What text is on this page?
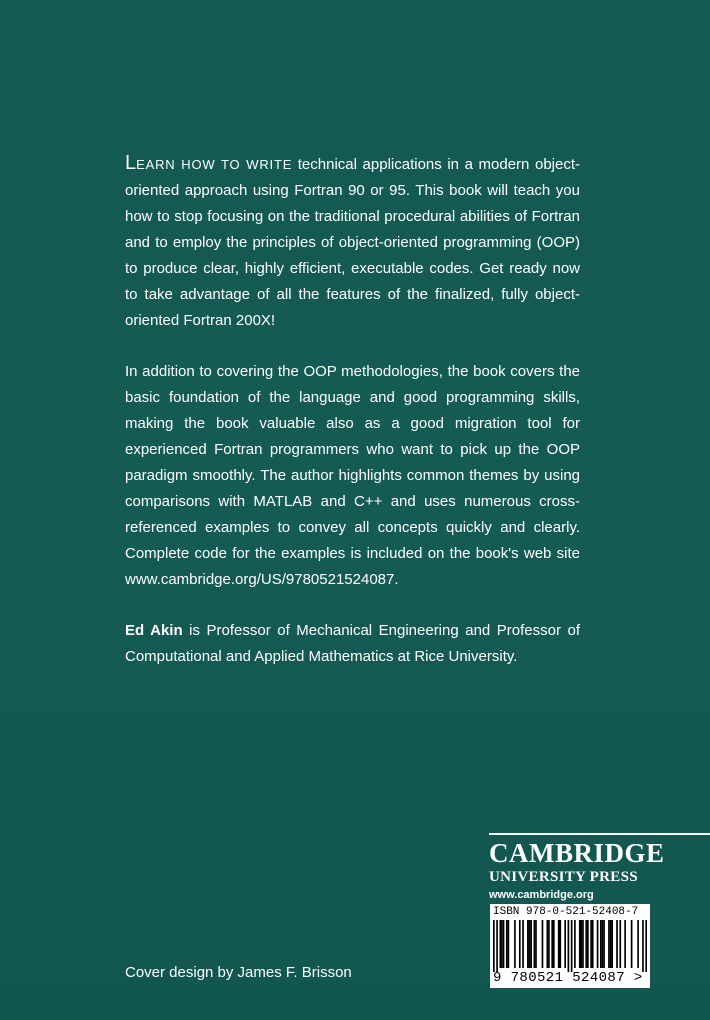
LEARN HOW TO WRITE technical applications in a modern object-oriented approach using Fortran 90 or 95. This book will teach you how to stop focusing on the traditional procedural abilities of Fortran and to employ the principles of object-oriented programming (OOP) to produce clear, highly efficient, executable codes. Get ready now to take advantage of all the features of the finalized, fully object-oriented Fortran 200X!

In addition to covering the OOP methodologies, the book covers the basic foundation of the language and good programming skills, making the book valuable also as a good migration tool for experienced Fortran programmers who want to pick up the OOP paradigm smoothly. The author highlights common themes by using comparisons with MATLAB and C++ and uses numerous cross-referenced examples to convey all concepts quickly and clearly. Complete code for the examples is included on the book's web site www.cambridge.org/US/9780521524087.

Ed Akin is Professor of Mechanical Engineering and Professor of Computational and Applied Mathematics at Rice University.

Cover design by James F. Brisson
CAMBRIDGE
UNIVERSITY PRESS
www.cambridge.org
ISBN 978-0-521-52408-7
9 780521 524087 >
